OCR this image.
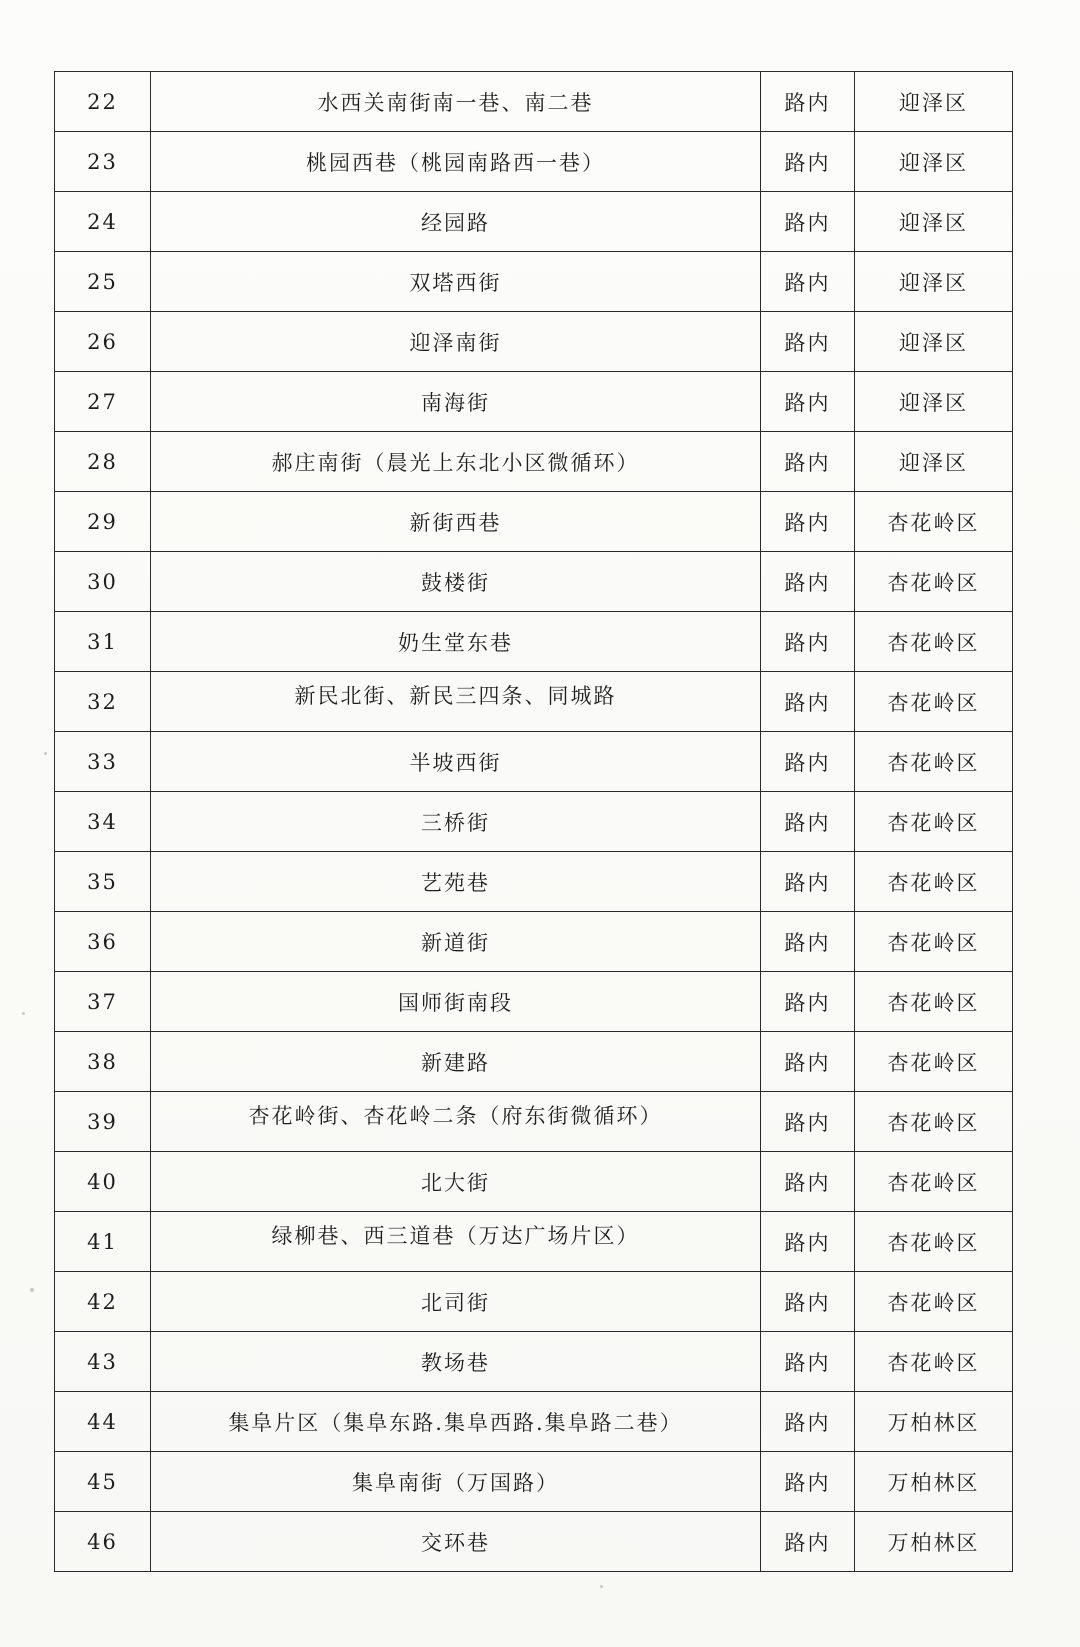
22	水西关南街南一巷、南二巷	路内	迎泽区
23	桃园西巷（桃园南路西一巷）	路内	迎泽区
24	经园路	路内	迎泽区
25	双塔西街	路内	迎泽区
26	迎泽南街	路内	迎泽区
27	南海街	路内	迎泽区
28	郝庄南街（晨光上东北小区微循环）	路内	迎泽区
29	新街西巷	路内	杏花岭区
30	鼓楼街	路内	杏花岭区
31	奶生堂东巷	路内	杏花岭区
32	新民北街、新民三四条、同城路	路内	杏花岭区
33	半坡西街	路内	杏花岭区
34	三桥街	路内	杏花岭区
35	艺苑巷	路内	杏花岭区
36	新道街	路内	杏花岭区
37	国师街南段	路内	杏花岭区
38	新建路	路内	杏花岭区
39	杏花岭街、杏花岭二条（府东街微循环）	路内	杏花岭区
40	北大街	路内	杏花岭区
41	绿柳巷、西三道巷（万达广场片区）	路内	杏花岭区
42	北司街	路内	杏花岭区
43	教场巷	路内	杏花岭区
44	集阜片区（集阜东路.集阜西路.集阜路二巷）	路内	万柏林区
45	集阜南街（万国路）	路内	万柏林区
46	交环巷	路内	万柏林区
